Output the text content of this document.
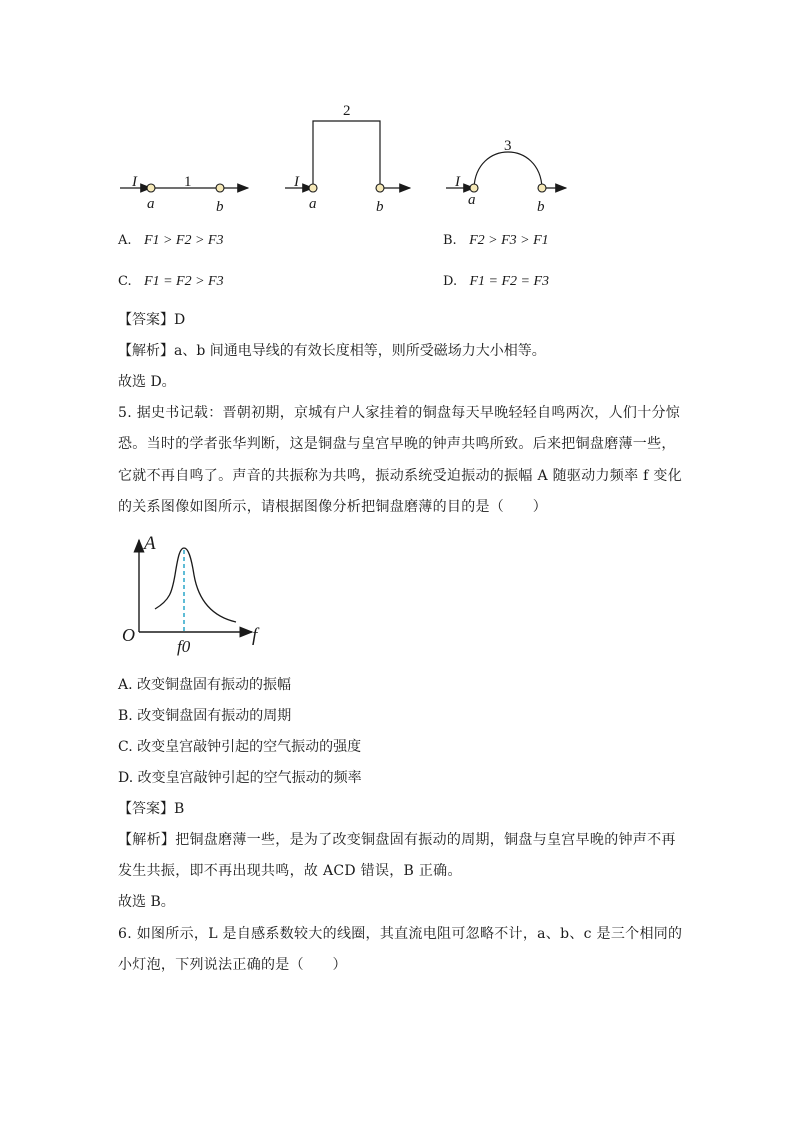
I	1
a	b
I
2
a	b
I
3
a	b
A. F1 > F2 > F3	B. F2 > F3 > F1
C. F1 = F2 > F3	D. F1 = F2 = F3
【答案】D
【解析】a、b 间通电导线的有效长度相等，则所受磁场力大小相等。
故选 D。
5. 据史书记载：晋朝初期，京城有户人家挂着的铜盘每天早晚轻轻自鸣两次，人们十分惊
恐。当时的学者张华判断，这是铜盘与皇宫早晚的钟声共鸣所致。后来把铜盘磨薄一些，
它就不再自鸣了。声音的共振称为共鸣，振动系统受迫振动的振幅 A 随驱动力频率 f 变化
的关系图像如图所示，请根据图像分析把铜盘磨薄的目的是（　　）
A
f
O
f0
A. 改变铜盘固有振动的振幅
B. 改变铜盘固有振动的周期
C. 改变皇宫敲钟引起的空气振动的强度
D. 改变皇宫敲钟引起的空气振动的频率
【答案】B
【解析】把铜盘磨薄一些，是为了改变铜盘固有振动的周期，铜盘与皇宫早晚的钟声不再
发生共振，即不再出现共鸣，故 ACD 错误，B 正确。
故选 B。
6. 如图所示，L 是自感系数较大的线圈，其直流电阻可忽略不计，a、b、c 是三个相同的
小灯泡，下列说法正确的是（　　）
